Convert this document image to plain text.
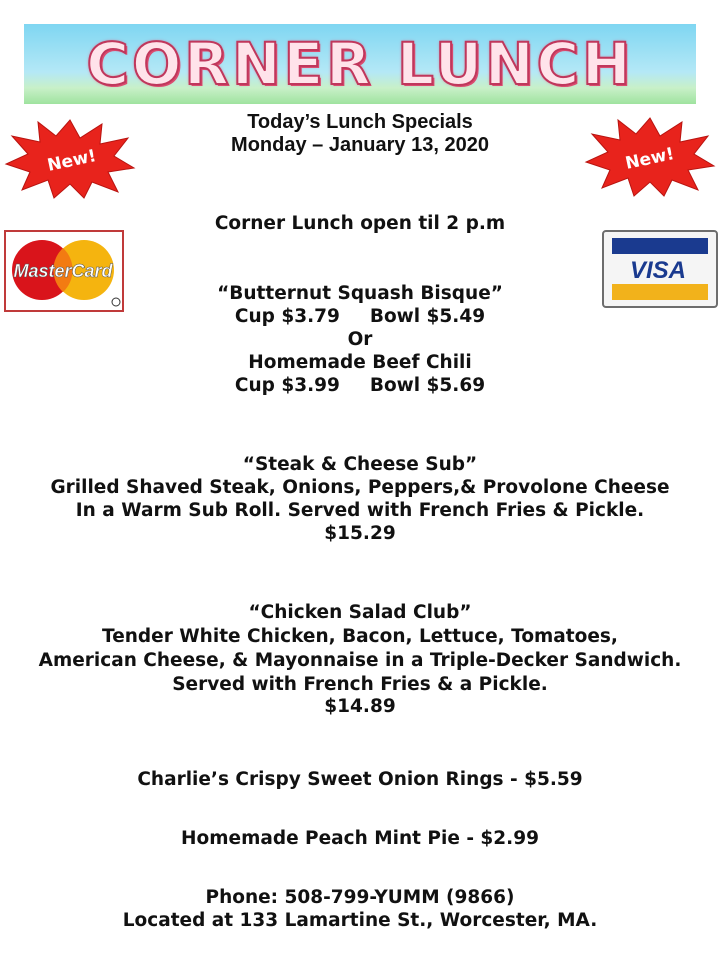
CORNER LUNCH
New!	New!
MasterCard	VISA
Today’s Lunch Specials
Monday – January 13, 2020
Corner Lunch open til 2 p.m
“Butternut Squash Bisque”
Cup $3.79 Bowl $5.49
Or
Homemade Beef Chili
Cup $3.99 Bowl $5.69
“Steak & Cheese Sub”
Grilled Shaved Steak, Onions, Peppers,& Provolone Cheese
In a Warm Sub Roll. Served with French Fries & Pickle.
$15.29
“Chicken Salad Club”
Tender White Chicken, Bacon, Lettuce, Tomatoes,
American Cheese, & Mayonnaise in a Triple-Decker Sandwich.
Served with French Fries & a Pickle.
$14.89
Charlie’s Crispy Sweet Onion Rings - $5.59
Homemade Peach Mint Pie - $2.99
Phone: 508-799-YUMM (9866)
Located at 133 Lamartine St., Worcester, MA.
